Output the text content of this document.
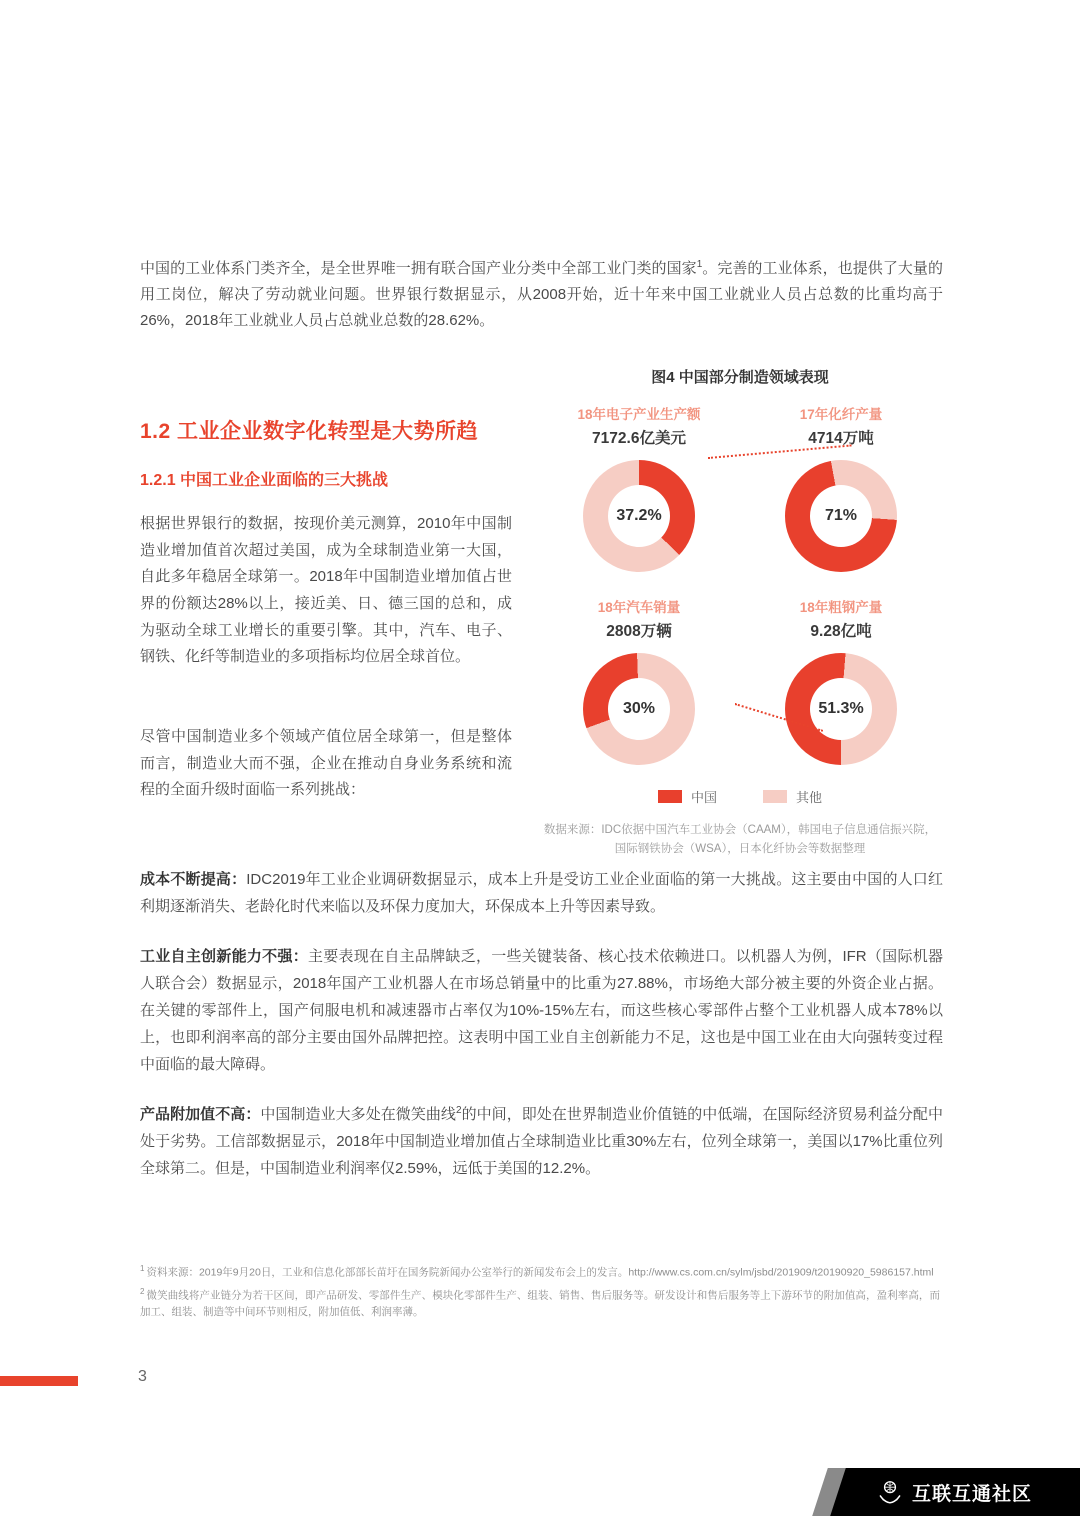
中国的工业体系门类齐全，是全世界唯一拥有联合国产业分类中全部工业门类的国家$^1$。完善的工业体系，也提供了大量的用工岗位，解决了劳动就业问题。世界银行数据显示，从2008开始，近十年来中国工业就业人员占总数的比重均高于26%，2018年工业就业人员占总就业总数的28.62%。

1.2 工业企业数字化转型是大势所趋
1.2.1 中国工业企业面临的三大挑战

根据世界银行的数据，按现价美元测算，2010年中国制造业增加值首次超过美国，成为全球制造业第一大国，自此多年稳居全球第一。2018年中国制造业增加值占世界的份额达28%以上，接近美、日、德三国的总和，成为驱动全球工业增长的重要引擎。其中，汽车、电子、钢铁、化纤等制造业的多项指标均位居全球首位。

尽管中国制造业多个领域产值位居全球第一，但是整体而言，制造业大而不强，企业在推动自身业务系统和流程的全面升级时面临一系列挑战：

图4 中国部分制造领域表现
18年电子产业生产额
7172.6亿美元
37.2%
17年化纤产量
4714万吨
71%
18年汽车销量
2808万辆
30%
18年粗钢产量
9.28亿吨
51.3%
中国	其他
数据来源：IDC依据中国汽车工业协会（CAAM），韩国电子信息通信振兴院，国际钢铁协会（WSA），日本化纤协会等数据整理

成本不断提高：IDC2019年工业企业调研数据显示，成本上升是受访工业企业面临的第一大挑战。这主要由中国的人口红利期逐渐消失、老龄化时代来临以及环保力度加大，环保成本上升等因素导致。

工业自主创新能力不强：主要表现在自主品牌缺乏，一些关键装备、核心技术依赖进口。以机器人为例，IFR（国际机器人联合会）数据显示，2018年国产工业机器人在市场总销量中的比重为27.88%，市场绝大部分被主要的外资企业占据。在关键的零部件上，国产伺服电机和减速器市占率仅为10%-15%左右，而这些核心零部件占整个工业机器人成本78%以上，也即利润率高的部分主要由国外品牌把控。这表明中国工业自主创新能力不足，这也是中国工业在由大向强转变过程中面临的最大障碍。

产品附加值不高：中国制造业大多处在微笑曲线$^2$的中间，即处在世界制造业价值链的中低端，在国际经济贸易利益分配中处于劣势。工信部数据显示，2018年中国制造业增加值占全球制造业比重30%左右，位列全球第一，美国以17%比重位列全球第二。但是，中国制造业利润率仅2.59%，远低于美国的12.2%。

$^1$ 资料来源：2019年9月20日，工业和信息化部部长苗圩在国务院新闻办公室举行的新闻发布会上的发言。http://www.cs.com.cn/sylm/jsbd/201909/t20190920_5986157.html

$^2$ 微笑曲线将产业链分为若干区间，即产品研发、零部件生产、模块化零部件生产、组装、销售、售后服务等。研发设计和售后服务等上下游环节的附加值高，盈利率高，而加工、组装、制造等中间环节则相反，附加值低、利润率薄。

3
互联互通社区
